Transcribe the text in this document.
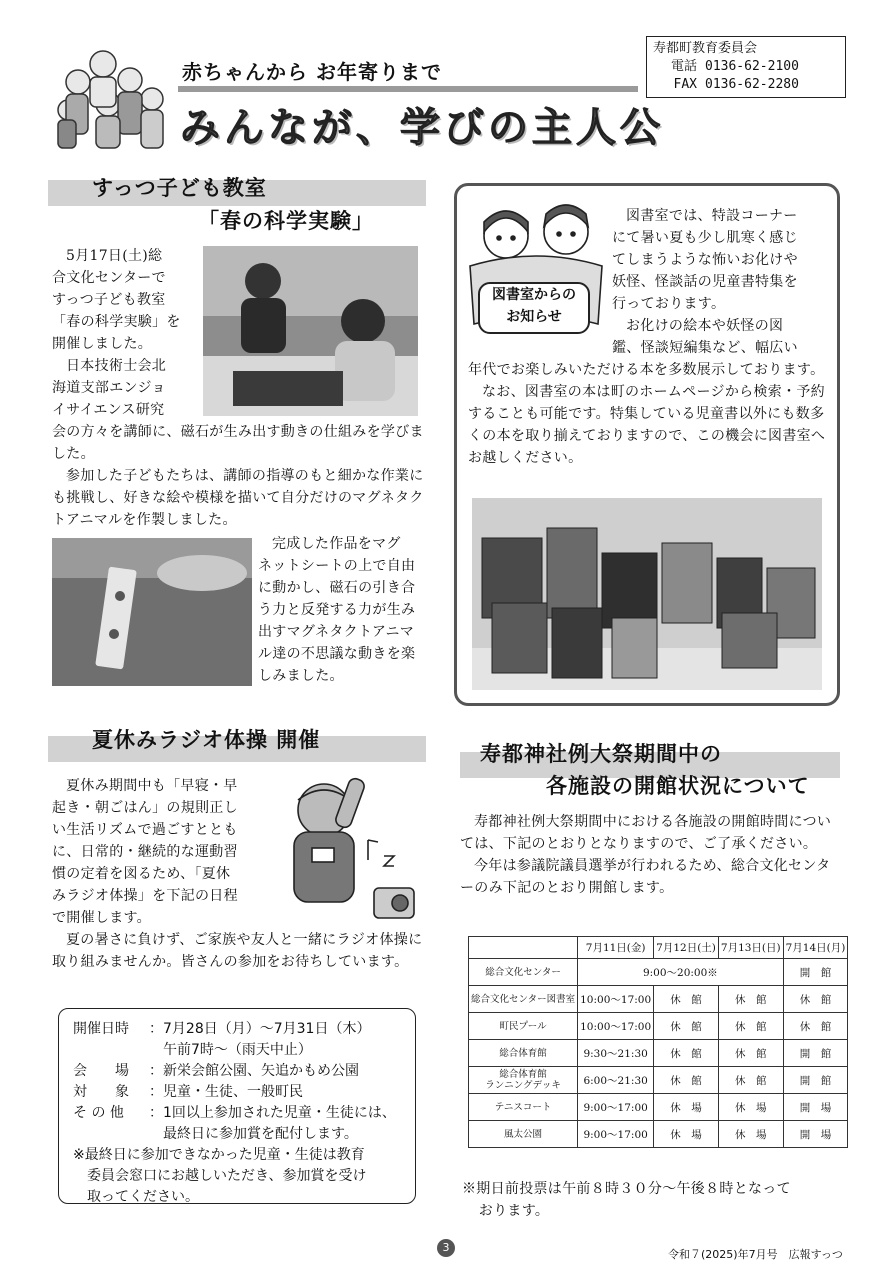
赤ちゃんから お年寄りまで
みんなが、学びの主人公
寿都町教育委員会
電話 0136-62-2100
FAX 0136-62-2280
すっつ子ども教室
「春の科学実験」
5月17日(土)総
合文化センターで
すっつ子ども教室
「春の科学実験」を
開催しました。
日本技術士会北
海道支部エンジョ
イサイエンス研究

会の方々を講師に、磁石が生み出す動きの仕組みを学びました。

参加した子どもたちは、講師の指導のもと細かな作業にも挑戦し、好きな絵や模様を描いて自分だけのマグネタクトアニマルを作製しました。

完成した作品をマグ
ネットシートの上で自由
に動かし、磁石の引き合
う力と反発する力が生み
出すマグネタクトアニマ
ル達の不思議な動きを楽
しみました。
図書室からの
お知らせ
図書室では、特設コーナー
にて暑い夏も少し肌寒く感じ
てしまうような怖いお化けや
妖怪、怪談話の児童書特集を
行っております。
お化けの絵本や妖怪の図
鑑、怪談短編集など、幅広い

年代でお楽しみいただける本を多数展示しております。

なお、図書室の本は町のホームページから検索・予約することも可能です。特集している児童書以外にも数多くの本を取り揃えておりますので、この機会に図書室へお越しください。

夏休みラジオ体操 開催
夏休み期間中も「早寝・早
起き・朝ごはん」の規則正し
い生活リズムで過ごすととも
に、日常的・継続的な運動習
慣の定着を図るため、「夏休
みラジオ体操」を下記の日程
で開催します。

夏の暑さに負けず、ご家族や友人と一緒にラジオ体操に取り組みませんか。皆さんの参加をお待ちしています。

開催日時	： 7月28日（月）～7月31日（木）
午前7時～（雨天中止）
会　　場	： 新栄会館公園、矢追かもめ公園
対　　象	： 児童・生徒、一般町民
そ の 他	： 1回以上参加された児童・生徒には、
最終日に参加賞を配付します。
※最終日に参加できなかった児童・生徒は教育
委員会窓口にお越しいただき、参加賞を受け
取ってください。
寿都神社例大祭期間中の
各施設の開館状況について

寿都神社例大祭期間中における各施設の開館時間については、下記のとおりとなりますので、ご了承ください。

今年は参議院議員選挙が行われるため、総合文化センターのみ下記のとおり開館します。

	7月11日(金)	7月12日(土)	7月13日(日)	7月14日(月)
総合文化センター	9:00～20:00※			開　館
総合文化センター図書室	10:00～17:00	休　館	休　館	休　館
町民プール	10:00～17:00	休　館	休　館	休　館
総合体育館	9:30～21:30	休　館	休　館	開　館

総合体育館
ランニングデッキ	6:00～21:30	休　館	休　館	開　館
テニスコート	9:00～17:00	休　場	休　場	開　場
風太公園	9:00～17:00	休　場	休　場	開　場
※期日前投票は午前８時３０分～午後８時となって
おります。
3
令和７(2025)年7月号　広報すっつ
